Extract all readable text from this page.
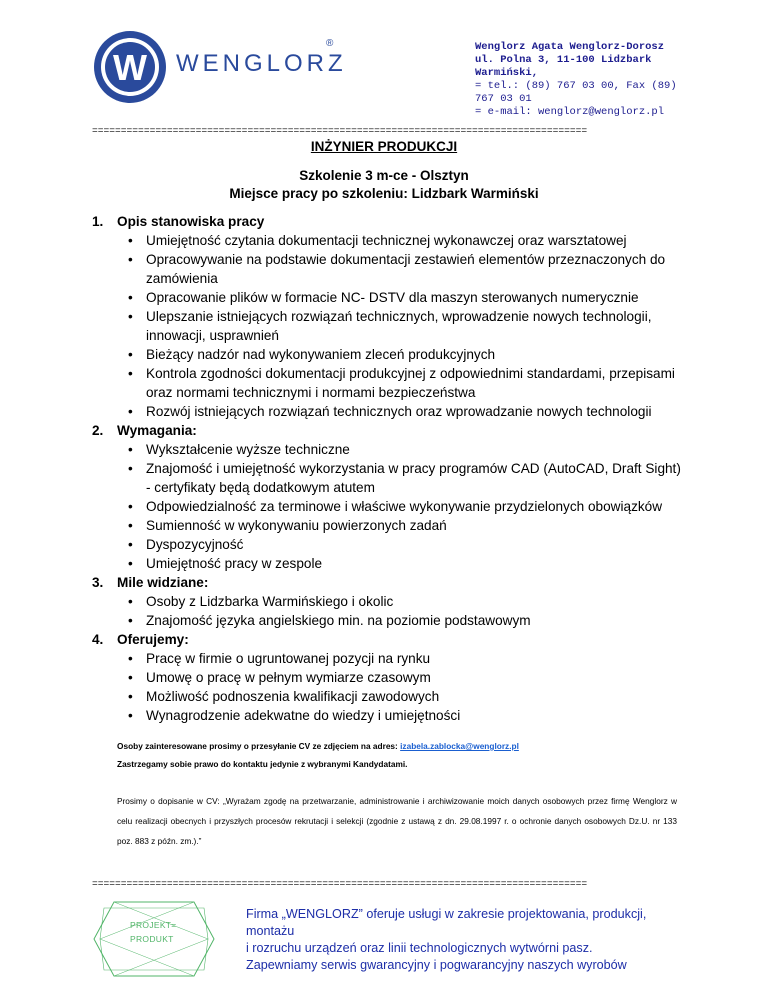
W WENGLORZ
®	Wenglorz Agata Wenglorz-Dorosz
ul. Polna 3, 11-100 Lidzbark Warmiński,
= tel.: (89) 767 03 00, Fax (89) 767 03 01
= e-mail: wenglorz@wenglorz.pl
======================================================================================
INŻYNIER PRODUKCJI
Szkolenie 3 m-ce - Olsztyn
Miejsce pracy po szkoleniu: Lidzbark Warmiński
1.	Opis stanowiska pracy
• Umiejętność czytania dokumentacji technicznej wykonawczej oraz warsztatowej
• Opracowywanie na podstawie dokumentacji zestawień elementów przeznaczonych do zamówienia
• Opracowanie plików w formacie NC- DSTV dla maszyn sterowanych numerycznie
• Ulepszanie istniejących rozwiązań technicznych, wprowadzenie nowych technologii, innowacji, usprawnień
• Bieżący nadzór nad wykonywaniem zleceń produkcyjnych
• Kontrola zgodności dokumentacji produkcyjnej z odpowiednimi standardami, przepisami oraz normami technicznymi i normami bezpieczeństwa
• Rozwój istniejących rozwiązań technicznych oraz wprowadzanie nowych technologii
2.	Wymagania:
• Wykształcenie wyższe techniczne
• Znajomość i umiejętność wykorzystania w pracy programów CAD (AutoCAD, Draft Sight) - certyfikaty będą dodatkowym atutem
• Odpowiedzialność za terminowe i właściwe wykonywanie przydzielonych obowiązków
• Sumienność w wykonywaniu powierzonych zadań
• Dyspozycyjność
• Umiejętność pracy w zespole
3.	Mile widziane:
• Osoby z Lidzbarka Warmińskiego i okolic
• Znajomość języka angielskiego min. na poziomie podstawowym
4.	Oferujemy:
• Pracę w firmie o ugruntowanej pozycji na rynku
• Umowę o pracę w pełnym wymiarze czasowym
• Możliwość podnoszenia kwalifikacji zawodowych
• Wynagrodzenie adekwatne do wiedzy i umiejętności
Osoby zainteresowane prosimy o przesyłanie CV ze zdjęciem na adres: izabela.zablocka@wenglorz.pl
Zastrzegamy sobie prawo do kontaktu jedynie z wybranymi Kandydatami.
Prosimy o dopisanie w CV: „Wyrażam zgodę na przetwarzanie, administrowanie i archiwizowanie moich danych osobowych przez firmę Wenglorz w celu realizacji obecnych i przyszłych procesów rekrutacji i selekcji (zgodnie z ustawą z dn. 29.08.1997 r. o ochronie danych osobowych Dz.U. nr 133 poz. 883 z późn. zm.).”
======================================================================================
PROJEKT=
PRODUKT
Firma „WENGLORZ” oferuje usługi w zakresie projektowania, produkcji, montażu
i rozruchu urządzeń oraz linii technologicznych wytwórni pasz.
Zapewniamy serwis gwarancyjny i pogwarancyjny naszych wyrobów
